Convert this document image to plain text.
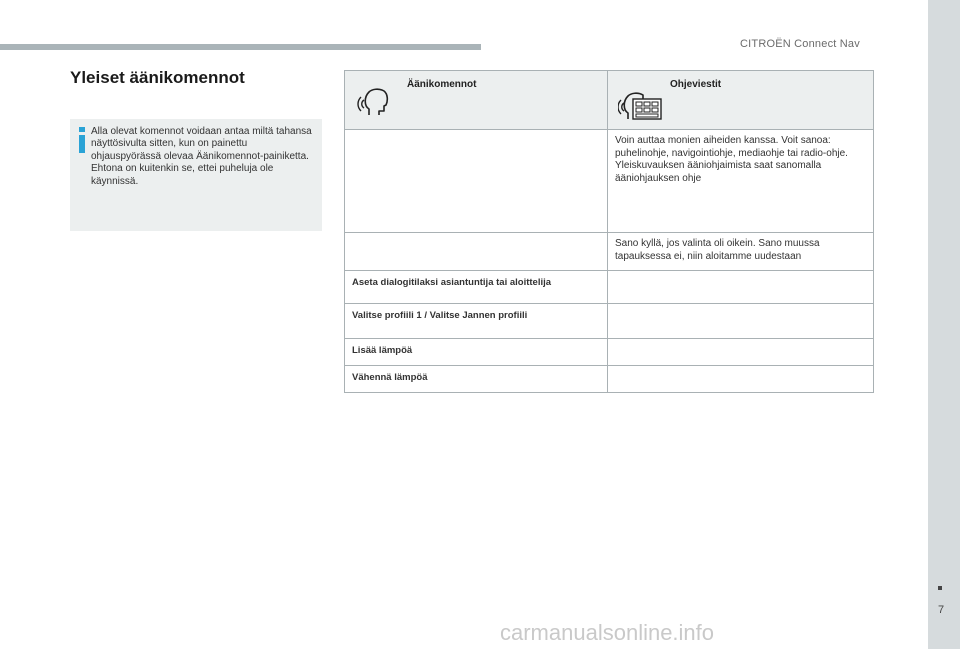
CITROËN Connect Nav
Yleiset äänikomennot

Alla olevat komennot voidaan antaa miltä tahansa näyttösivulta sitten, kun on painettu ohjauspyörässä olevaa Äänikomennot-painiketta. Ehtona on kuitenkin se, ettei puheluja ole käynnissä.

Äänikomennot	Ohjeviestit

	Voin auttaa monien aiheiden kanssa. Voit sanoa: puhelinohje, navigointiohje, mediaohje tai radio-ohje. Yleiskuvauksen ääniohjaimista saat sanomalla ääniohjauksen ohje

	Sano kyllä, jos valinta oli oikein. Sano muussa tapauksessa ei, niin aloitamme uudestaan

Aseta dialogitilaksi asiantuntija tai aloittelija	

Valitse profiili 1 / Valitse Jannen profiili	

Lisää lämpöä	

Vähennä lämpöä	

7
carmanualsonline.info
